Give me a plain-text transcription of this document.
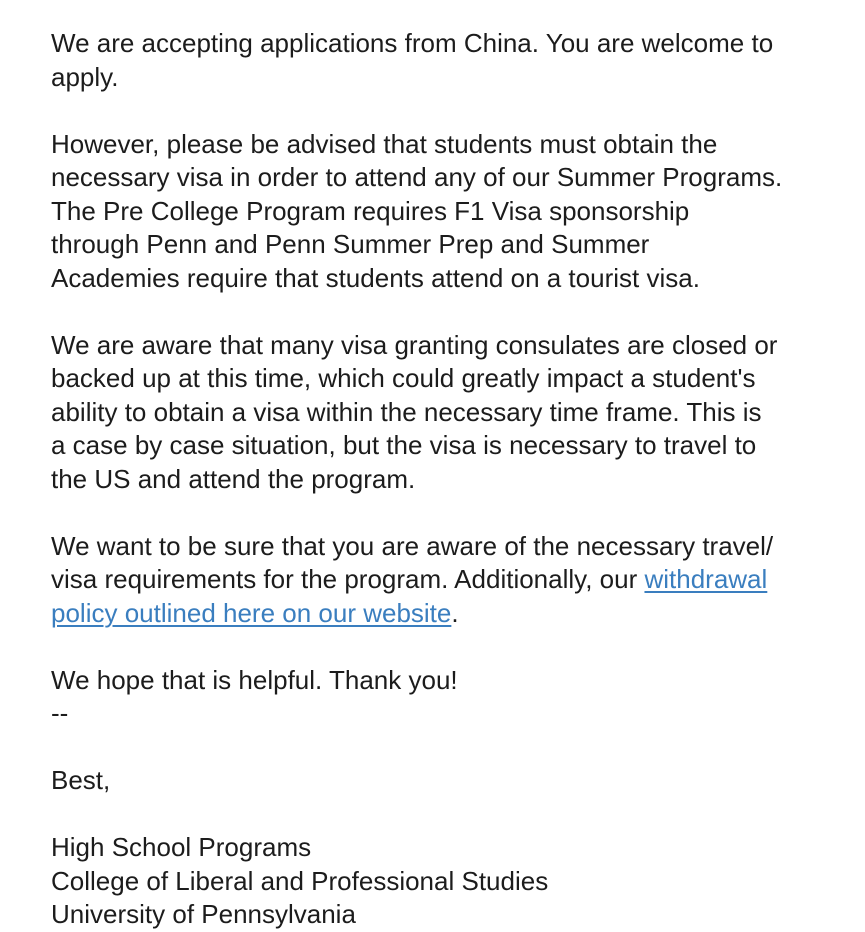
We are accepting applications from China. You are welcome to
apply.
However, please be advised that students must obtain the
necessary visa in order to attend any of our Summer Programs.
The Pre College Program requires F1 Visa sponsorship
through Penn and Penn Summer Prep and Summer
Academies require that students attend on a tourist visa.
We are aware that many visa granting consulates are closed or
backed up at this time, which could greatly impact a student's
ability to obtain a visa within the necessary time frame. This is
a case by case situation, but the visa is necessary to travel to
the US and attend the program.
We want to be sure that you are aware of the necessary travel/
visa requirements for the program. Additionally, our withdrawal
policy outlined here on our website.
We hope that is helpful. Thank you!
--
Best,
High School Programs
College of Liberal and Professional Studies
University of Pennsylvania
